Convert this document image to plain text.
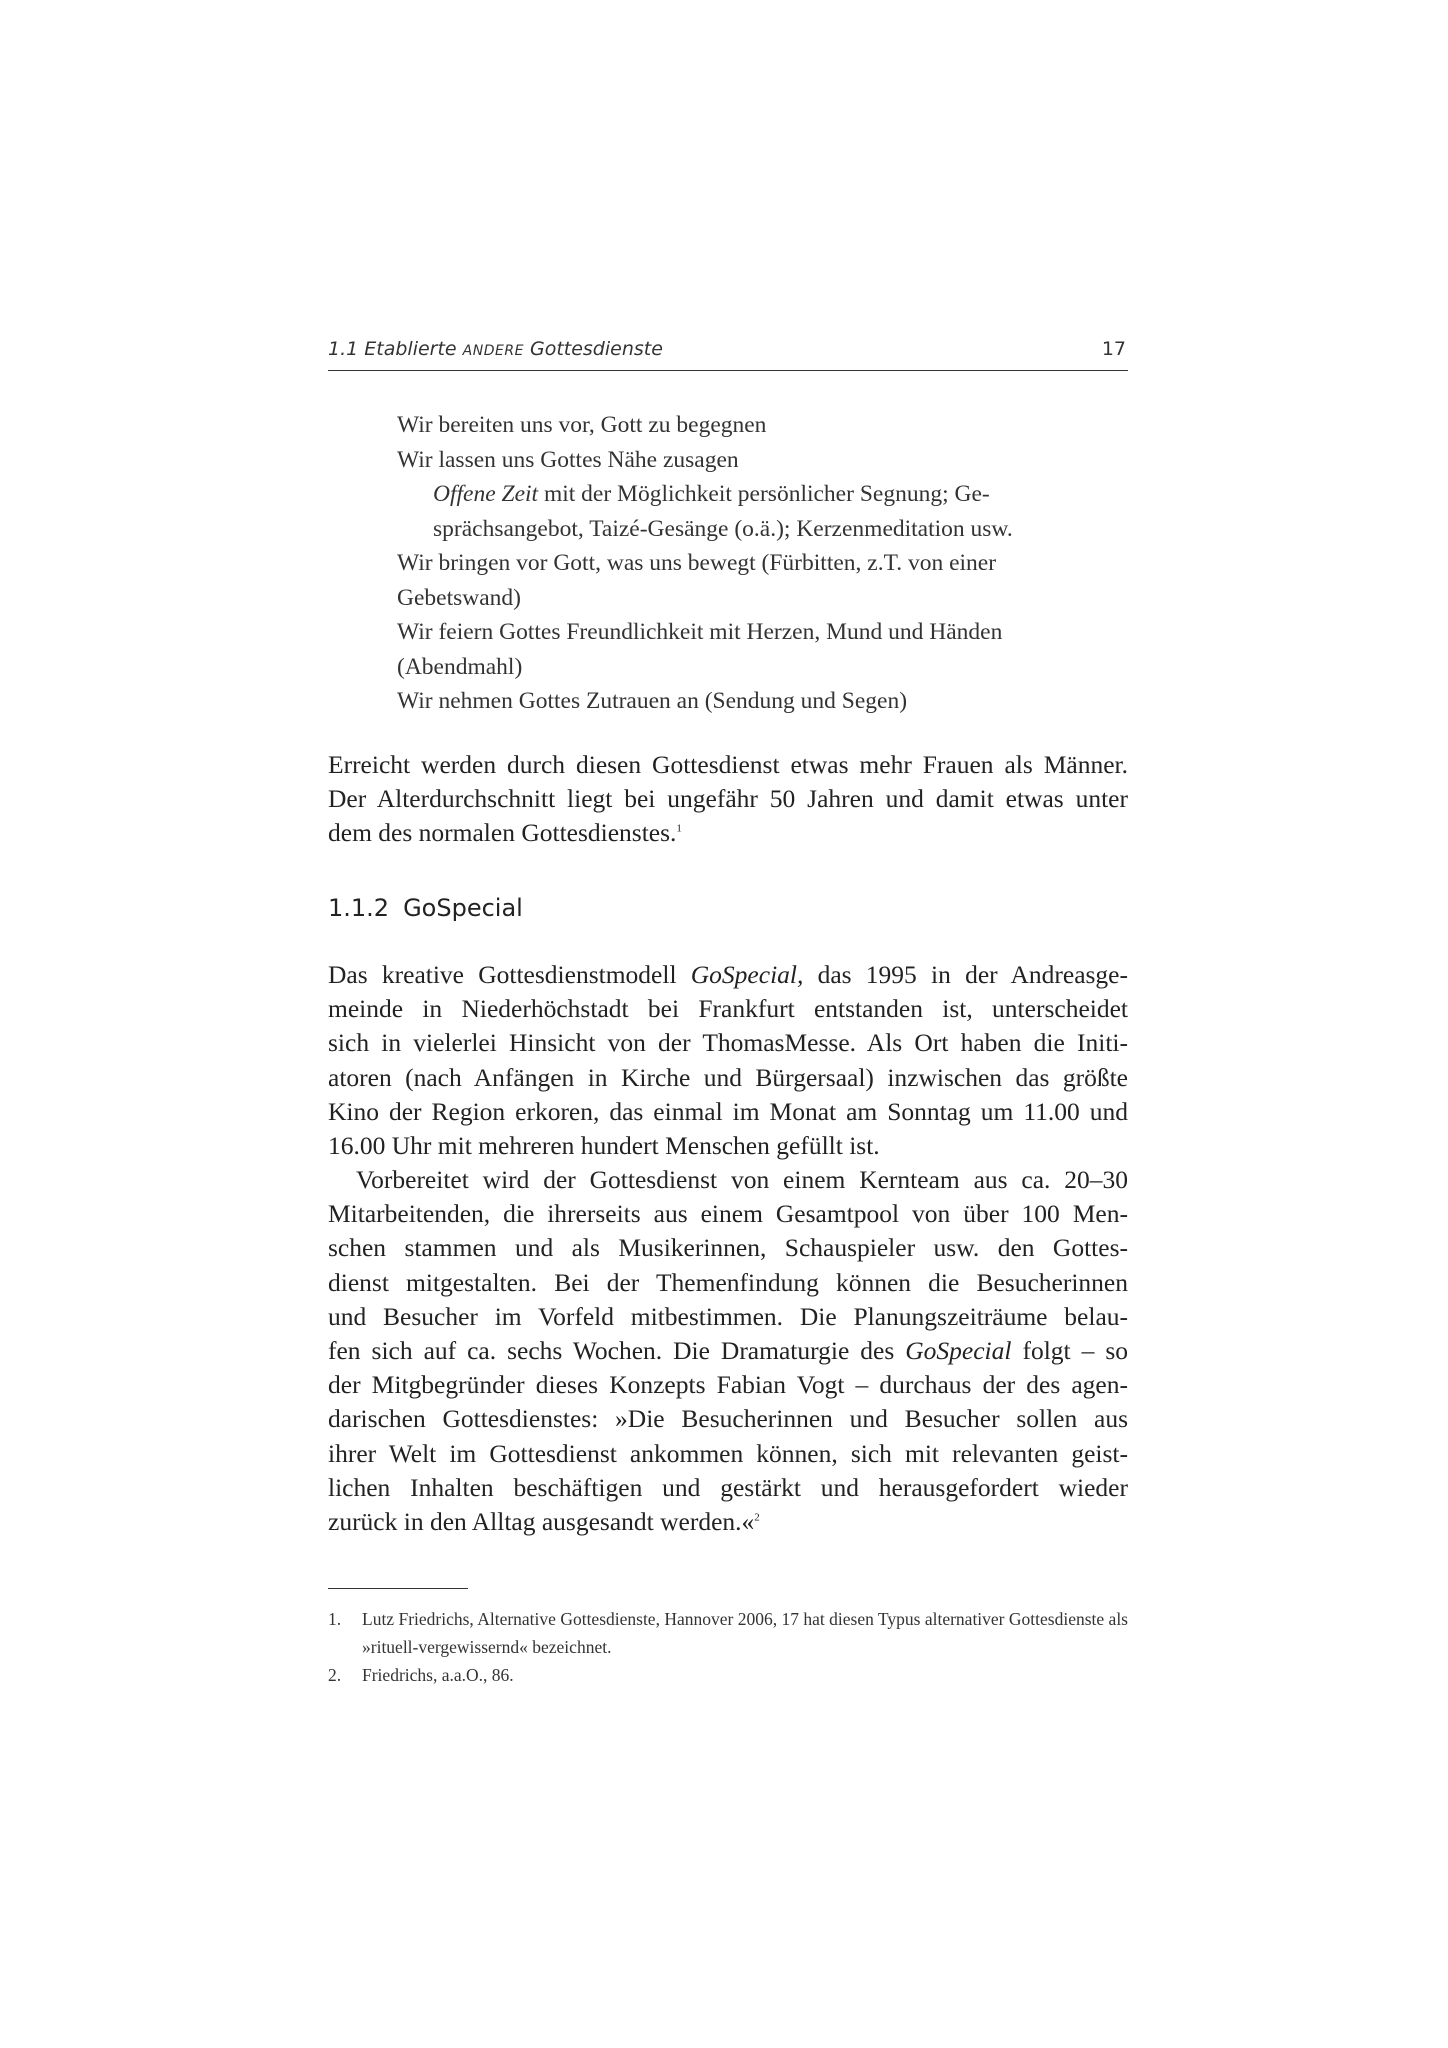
1.1 Etablierte ANDERE Gottesdienste	17

Wir bereiten uns vor, Gott zu begegnen

Wir lassen uns Gottes Nähe zusagen

Offene Zeit mit der Möglichkeit persönlicher Segnung; Ge-

sprächsangebot, Taizé-Gesänge (o.ä.); Kerzenmeditation usw.

Wir bringen vor Gott, was uns bewegt (Fürbitten, z.T. von einer

Gebetswand)

Wir feiern Gottes Freundlichkeit mit Herzen, Mund und Händen

(Abendmahl)

Wir nehmen Gottes Zutrauen an (Sendung und Segen)

Erreicht werden durch diesen Gottesdienst etwas mehr Frauen als Männer.
Der Alterdurchschnitt liegt bei ungefähr 50 Jahren und damit etwas unter
dem des normalen Gottesdienstes.$^1$

1.1.2 GoSpecial

Das kreative Gottesdienstmodell GoSpecial, das 1995 in der Andreasge-
meinde in Niederhöchstadt bei Frankfurt entstanden ist, unterscheidet
sich in vielerlei Hinsicht von der ThomasMesse. Als Ort haben die Initi-
atoren (nach Anfängen in Kirche und Bürgersaal) inzwischen das größte
Kino der Region erkoren, das einmal im Monat am Sonntag um 11.00 und
16.00 Uhr mit mehreren hundert Menschen gefüllt ist.

Vorbereitet wird der Gottesdienst von einem Kernteam aus ca. 20–30
Mitarbeitenden, die ihrerseits aus einem Gesamtpool von über 100 Men-
schen stammen und als Musikerinnen, Schauspieler usw. den Gottes-
dienst mitgestalten. Bei der Themenfindung können die Besucherinnen
und Besucher im Vorfeld mitbestimmen. Die Planungszeiträume belau-
fen sich auf ca. sechs Wochen. Die Dramaturgie des GoSpecial folgt – so
der Mitgbegründer dieses Konzepts Fabian Vogt – durchaus der des agen-
darischen Gottesdienstes: »Die Besucherinnen und Besucher sollen aus
ihrer Welt im Gottesdienst ankommen können, sich mit relevanten geist-
lichen Inhalten beschäftigen und gestärkt und herausgefordert wieder
zurück in den Alltag ausgesandt werden.«$^2$

1. Lutz Friedrichs, Alternative Gottesdienste, Hannover 2006, 17 hat diesen Typus alternativer Gottesdienste als »rituell-vergewissernd« bezeichnet.

2. Friedrichs, a.a.O., 86.
